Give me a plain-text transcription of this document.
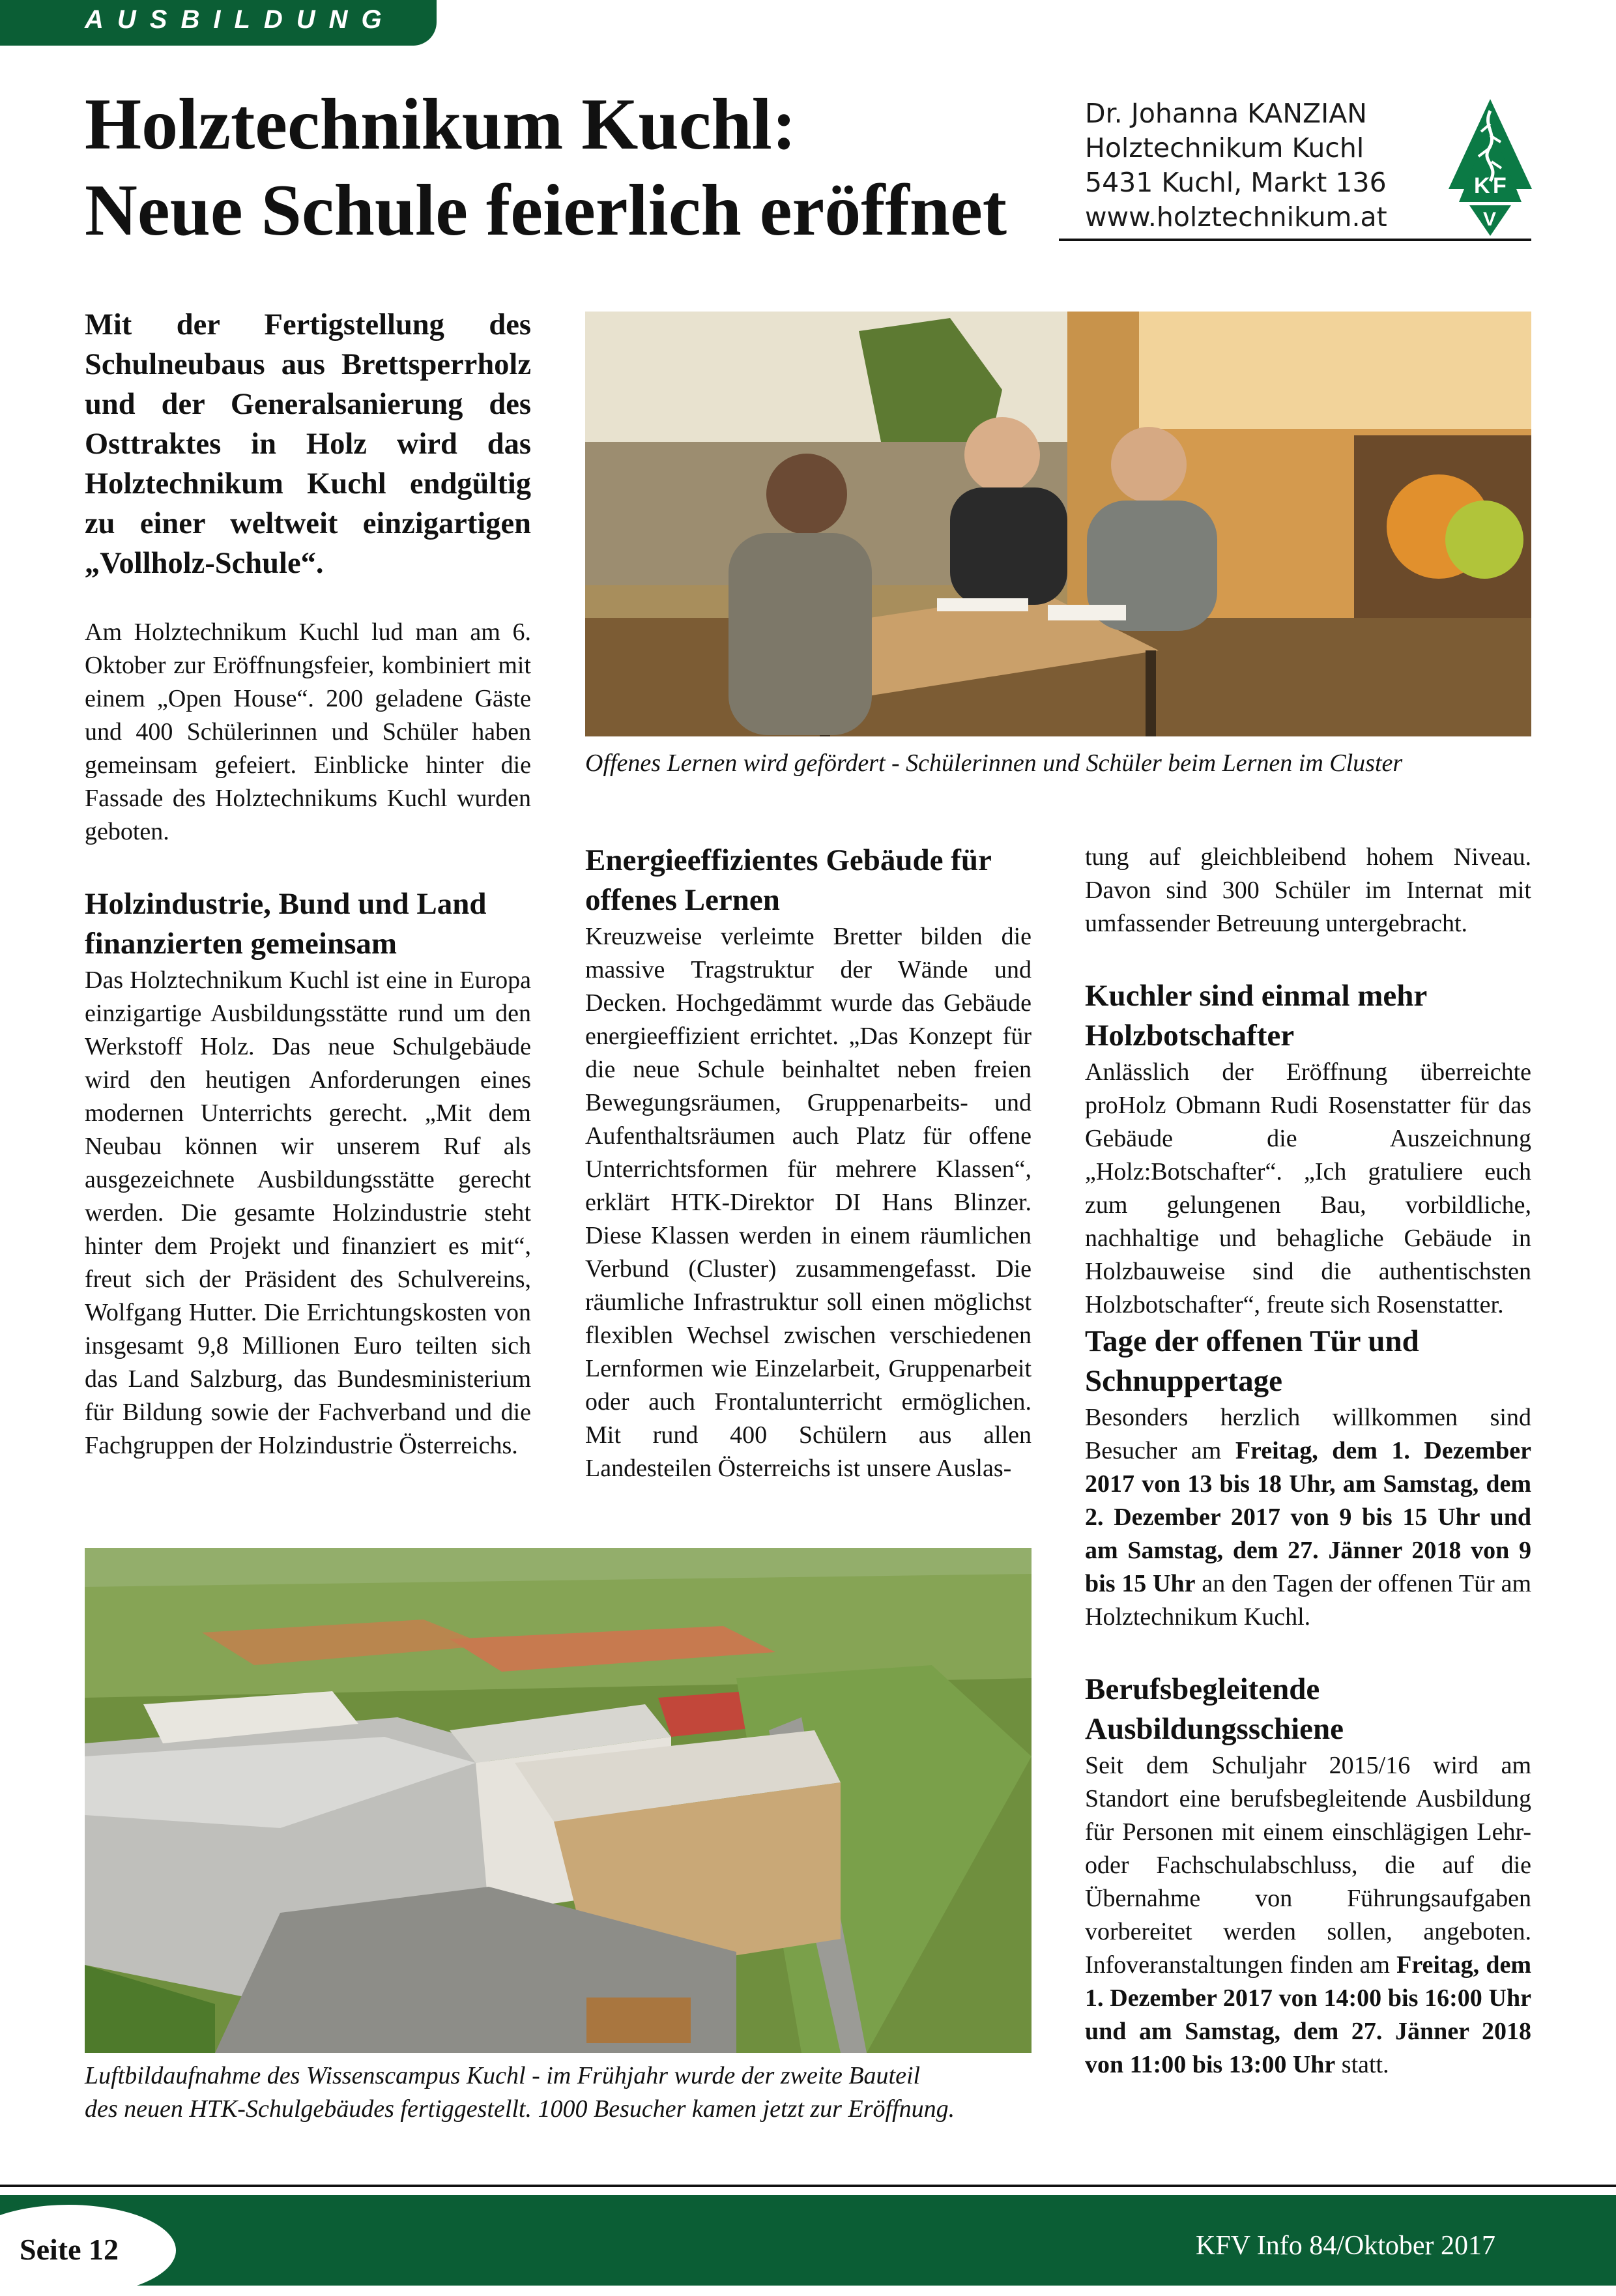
AUSBILDUNG
Holztechnikum Kuchl:
Neue Schule feierlich eröffnet
Dr. Johanna KANZIAN
Holztechnikum Kuchl
5431 Kuchl, Markt 136
www.holztechnikum.at
K F
V

Mit der Fertigstellung des Schulneubaus aus Brettsperrholz und der Generalsanierung des Osttraktes in Holz wird das Holztechnikum Kuchl endgültig zu einer weltweit einzigartigen „Vollholz-Schule“.

Offenes Lernen wird gefördert - Schülerinnen und Schüler beim Lernen im Cluster

Am Holztechnikum Kuchl lud man am 6. Oktober zur Eröffnungsfeier, kombiniert mit einem „Open House“. 200 geladene Gäste und 400 Schülerinnen und Schüler haben gemeinsam gefeiert. Einblicke hinter die Fassade des Holztechnikums Kuchl wurden geboten.

Holzindustrie, Bund und Land finanzierten gemeinsam

Das Holztechnikum Kuchl ist eine in Europa einzigartige Ausbildungsstätte rund um den Werkstoff Holz. Das neue Schulgebäude wird den heutigen Anforderungen eines modernen Unterrichts gerecht. „Mit dem Neubau können wir unserem Ruf als ausgezeichnete Ausbildungsstätte gerecht werden. Die gesamte Holzindustrie steht hinter dem Projekt und finanziert es mit“, freut sich der Präsident des Schulvereins, Wolfgang Hutter. Die Errichtungskosten von insgesamt 9,8 Millionen Euro teilten sich das Land Salzburg, das Bundesministerium für Bildung sowie der Fachverband und die Fachgruppen der Holzindustrie Österreichs.

Energieeffizientes Gebäude für offenes Lernen

Kreuzweise verleimte Bretter bilden die massive Tragstruktur der Wände und Decken. Hochgedämmt wurde das Gebäude energieeffizient errichtet. „Das Konzept für die neue Schule beinhaltet neben freien Bewegungsräumen, Gruppenarbeits- und Aufenthaltsräumen auch Platz für offene Unterrichtsformen für mehrere Klassen“, erklärt HTK-Direktor DI Hans Blinzer. Diese Klassen werden in einem räumlichen Verbund (Cluster) zusammengefasst. Die räumliche Infrastruktur soll einen möglichst flexiblen Wechsel zwischen verschiedenen Lernformen wie Einzelarbeit, Gruppenarbeit oder auch Frontalunterricht ermöglichen. Mit rund 400 Schülern aus allen Landesteilen Österreichs ist unsere Auslas-

tung auf gleichbleibend hohem Niveau. Davon sind 300 Schüler im Internat mit umfassender Betreuung untergebracht.

Kuchler sind einmal mehr Holzbotschafter

Anlässlich der Eröffnung überreichte proHolz Obmann Rudi Rosenstatter für das Gebäude die Auszeichnung „Holz:Botschafter“. „Ich gratuliere euch zum gelungenen Bau, vorbildliche, nachhaltige und behagliche Gebäude in Holzbauweise sind die authentischsten Holzbotschafter“, freute sich Rosenstatter.

Tage der offenen Tür und Schnuppertage

Besonders herzlich willkommen sind Besucher am Freitag, dem 1. Dezember 2017 von 13 bis 18 Uhr, am Samstag, dem 2. Dezember 2017 von 9 bis 15 Uhr und am Samstag, dem 27. Jänner 2018 von 9 bis 15 Uhr an den Tagen der offenen Tür am Holztechnikum Kuchl.

Berufsbegleitende Ausbildungsschiene

Seit dem Schuljahr 2015/16 wird am Standort eine berufsbegleitende Ausbildung für Personen mit einem einschlägigen Lehr- oder Fachschulabschluss, die auf die Übernahme von Führungsaufgaben vorbereitet werden sollen, angeboten. Infoveranstaltungen finden am Freitag, dem 1. Dezember 2017 von 14:00 bis 16:00 Uhr und am Samstag, dem 27. Jänner 2018 von 11:00 bis 13:00 Uhr statt.

Luftbildaufnahme des Wissenscampus Kuchl - im Frühjahr wurde der zweite Bauteil
des neuen HTK-Schulgebäudes fertiggestellt. 1000 Besucher kamen jetzt zur Eröffnung.
Seite 12	KFV Info 84/Oktober 2017
